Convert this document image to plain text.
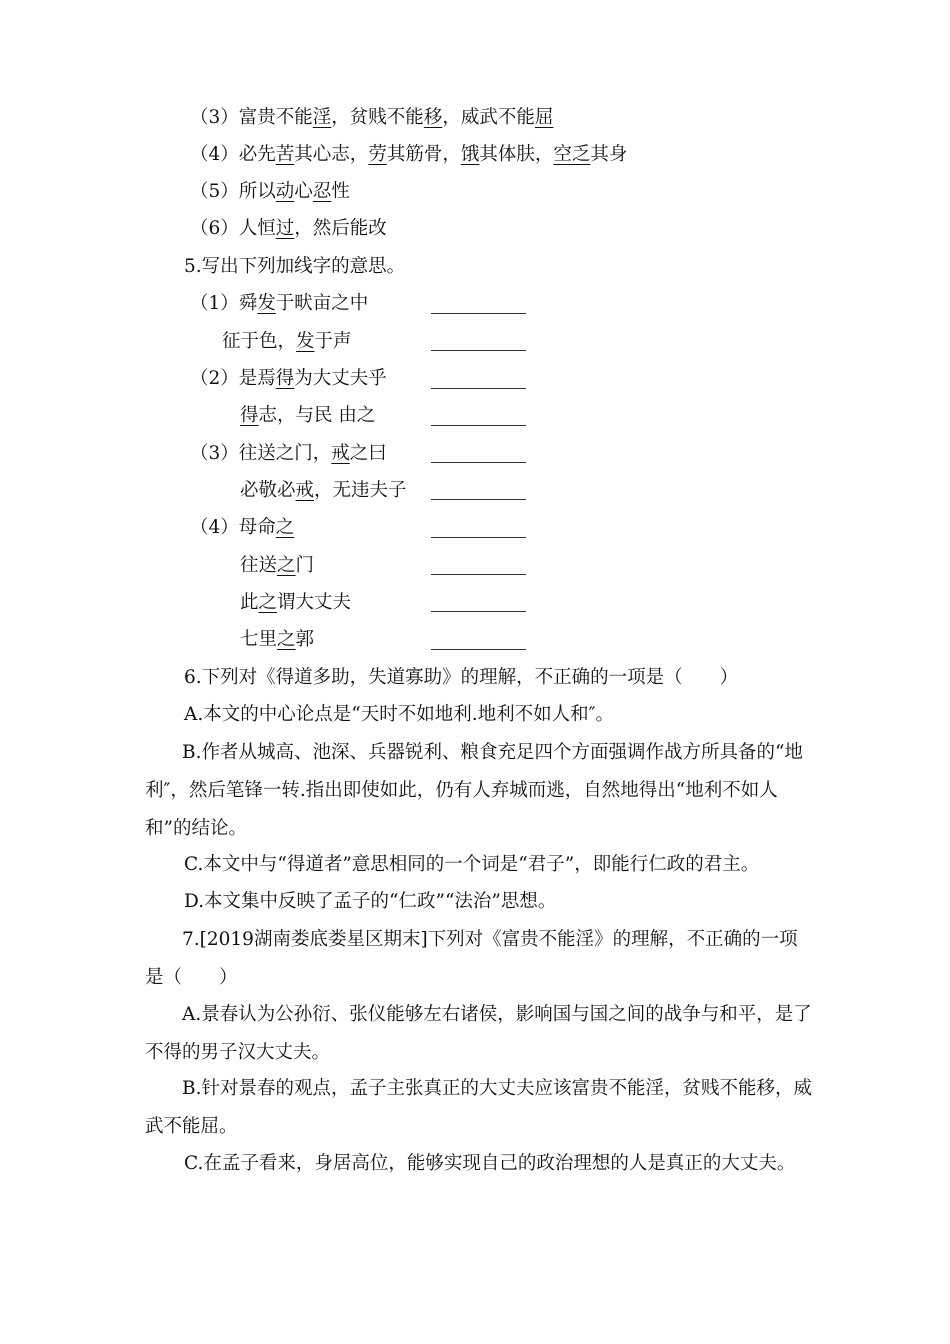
（3）富贵不能淫，贫贱不能移，威武不能屈
（4）必先苦其心志，劳其筋骨，饿其体肤，空乏其身
（5）所以动心忍性
（6）人恒过，然后能改
5.写出下列加线字的意思。
（1）舜发于畎亩之中
征于色，发于声
（2）是焉得为大丈夫乎
得志，与民 由之
（3）往送之门，戒之曰
必敬必戒，无违夫子
（4）母命之
往送之门
此之谓大丈夫
七里之郭
6.下列对《得道多助，失道寡助》的理解，不正确的一项是（　　）
A.本文的中心论点是“天时不如地利.地利不如人和″。
B.作者从城高、池深、兵器锐利、粮食充足四个方面强调作战方所具备的“地利″，然后笔锋一转.指出即使如此，仍有人弃城而逃，自然地得出“地利不如人和”的结论。
C.本文中与“得道者”意思相同的一个词是“君子”，即能行仁政的君主。
D.本文集中反映了孟子的“仁政”“法治”思想。
7.[2019湖南娄底娄星区期末]下列对《富贵不能淫》的理解，不正确的一项是（　　）
A.景春认为公孙衍、张仪能够左右诸侯，影响国与国之间的战争与和平，是了不得的男子汉大丈夫。
B.针对景春的观点，孟子主张真正的大丈夫应该富贵不能淫，贫贱不能移，威武不能屈。
C.在孟子看来，身居高位，能够实现自己的政治理想的人是真正的大丈夫。
